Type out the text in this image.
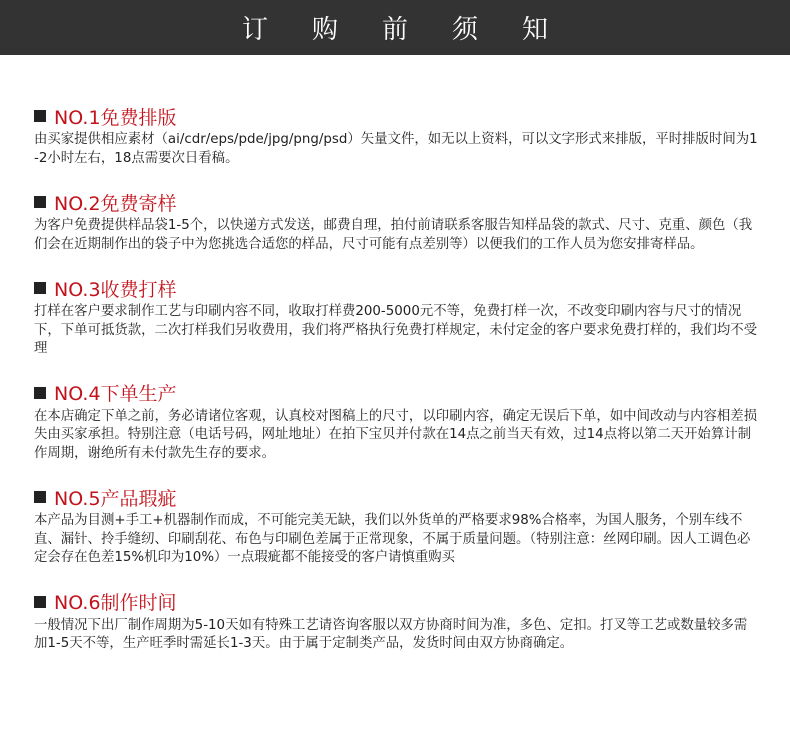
订购前须知
NO.1免费排版
由买家提供相应素材（ai/cdr/eps/pde/jpg/png/psd）矢量文件，如无以上资料，可以文字形式来排版，平时排版时间为1-2小时左右，18点需要次日看稿。
NO.2免费寄样
为客户免费提供样品袋1-5个，以快递方式发送，邮费自理，拍付前请联系客服告知样品袋的款式、尺寸、克重、颜色（我们会在近期制作出的袋子中为您挑选合适您的样品，尺寸可能有点差别等）以便我们的工作人员为您安排寄样品。
NO.3收费打样
打样在客户要求制作工艺与印刷内容不同，收取打样费200-5000元不等，免费打样一次，不改变印刷内容与尺寸的情况下，下单可抵货款，二次打样我们另收费用，我们将严格执行免费打样规定，未付定金的客户要求免费打样的，我们均不受理
NO.4下单生产
在本店确定下单之前，务必请诸位客观，认真校对图稿上的尺寸，以印刷内容，确定无误后下单，如中间改动与内容相差损失由买家承担。特别注意（电话号码，网址地址）在拍下宝贝并付款在14点之前当天有效，过14点将以第二天开始算计制作周期，谢绝所有未付款先生存的要求。
NO.5产品瑕疵
本产品为目测+手工+机器制作而成，不可能完美无缺，我们以外货单的严格要求98%合格率，为国人服务，个别车线不直、漏针、拎手缝纫、印刷刮花、布色与印刷色差属于正常现象，不属于质量问题。（特别注意：丝网印刷。因人工调色必定会存在色差15%机印为10%）一点瑕疵都不能接受的客户请慎重购买
NO.6制作时间
一般情况下出厂制作周期为5-10天如有特殊工艺请咨询客服以双方协商时间为准，多色、定扣。打叉等工艺或数量较多需加1-5天不等，生产旺季时需延长1-3天。由于属于定制类产品，发货时间由双方协商确定。
